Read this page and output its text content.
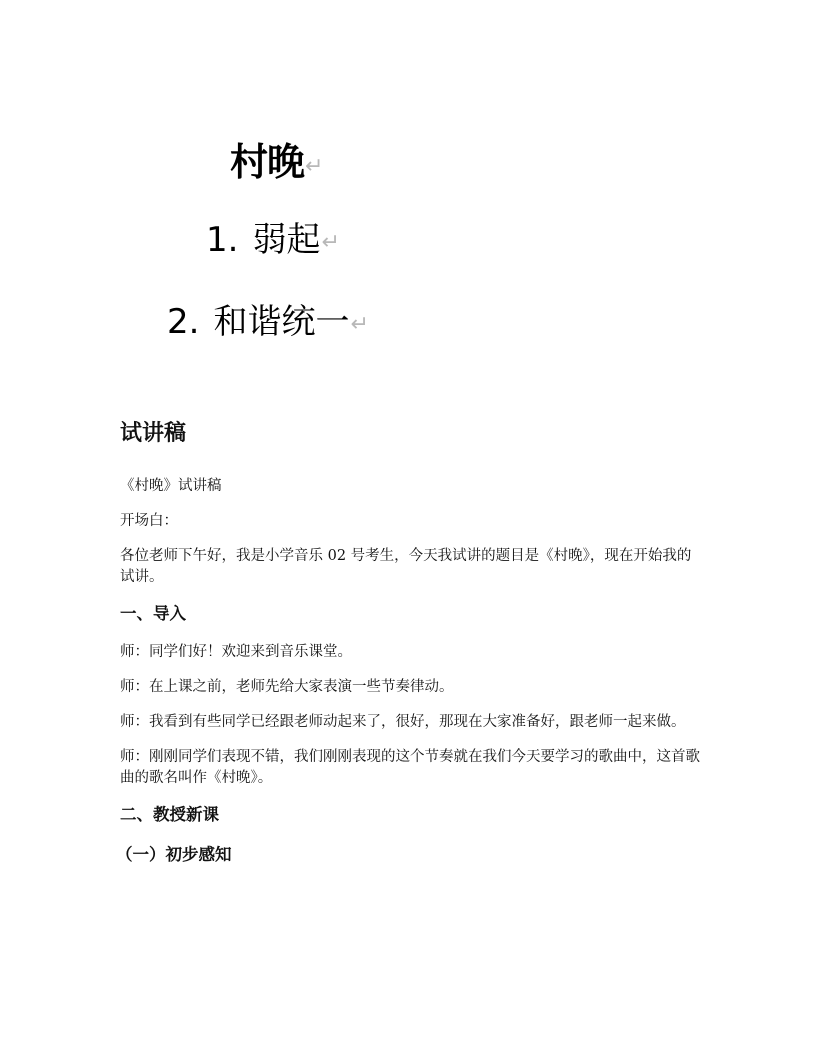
村晚↵
1. 弱起↵
2. 和谐统一↵
试讲稿
《村晚》试讲稿
开场白：
各位老师下午好，我是小学音乐 02 号考生，今天我试讲的题目是《村晚》，现在开始我的试讲。
一、导入
师：同学们好！欢迎来到音乐课堂。
师：在上课之前，老师先给大家表演一些节奏律动。
师：我看到有些同学已经跟老师动起来了，很好，那现在大家准备好，跟老师一起来做。
师：刚刚同学们表现不错，我们刚刚表现的这个节奏就在我们今天要学习的歌曲中，这首歌曲的歌名叫作《村晚》。
二、教授新课
（一）初步感知
